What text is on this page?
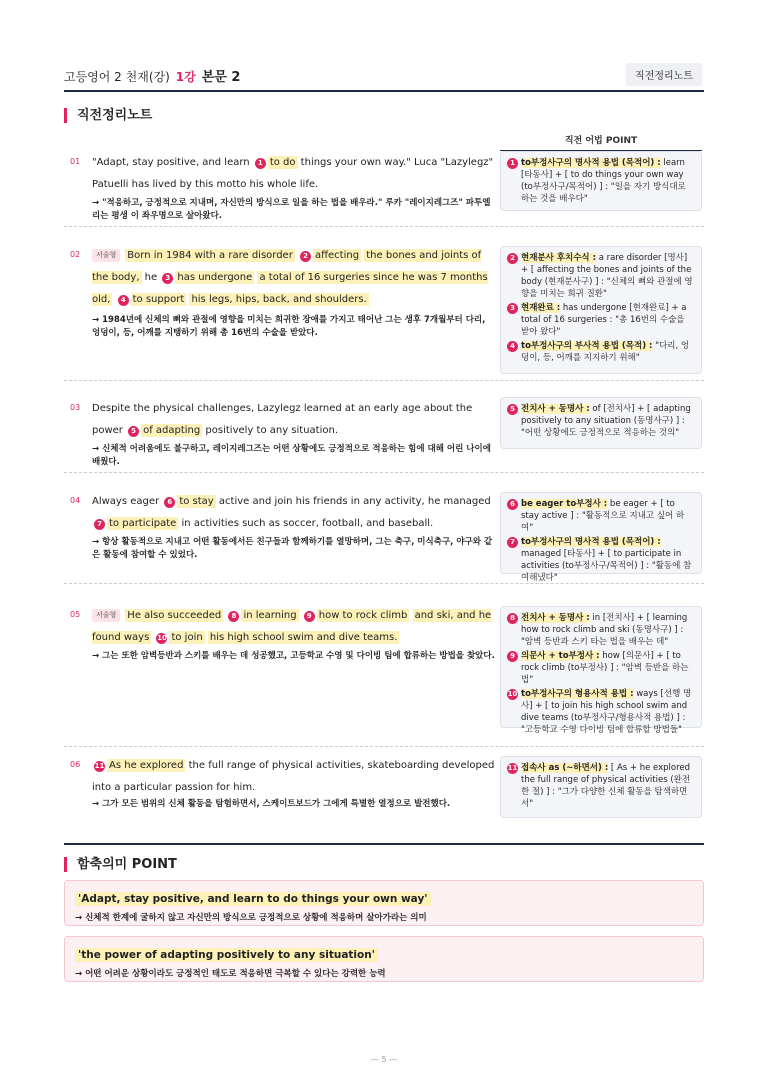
고등영어 2 천재(강) 1강 본문 2	직전정리노트
직전정리노트
직전 어법 POINT
01 "Adapt, stay positive, and learn 1 to do things your own way." Luca "Lazylegz" Patuelli has lived by this motto his whole life.
→ "적응하고, 긍정적으로 지내며, 자신만의 방식으로 일을 하는 법을 배우라." 루카 "레이지레그즈" 파투엘리는 평생 이 좌우명으로 살아왔다.
1 to부정사구의 명사적 용법 (목적어) : learn [타동사] + [ to do things your own way (to부정사구/목적어) ] : "일을 자기 방식대로 하는 것을 배우다"
02	서술형 Born in 1984 with a rare disorder 2 affecting the bones and joints of the body, he 3 has undergone a total of 16 surgeries since he was 7 months old, 4 to support his legs, hips, back, and shoulders.
→ 1984년에 신체의 뼈와 관절에 영향을 미치는 희귀한 장애를 가지고 태어난 그는 생후 7개월부터 다리, 엉덩이, 등, 어깨를 지탱하기 위해 총 16번의 수술을 받았다.
2 현재분사 후치수식 : a rare disorder [명사] + [ affecting the bones and joints of the body (현재분사구) ] : "신체의 뼈와 관절에 영향을 미치는 희귀 질환"
3 현재완료 : has undergone [현재완료] + a total of 16 surgeries : "총 16번의 수술을 받아 왔다"
4 to부정사구의 부사적 용법 (목적) : "다리, 엉덩이, 등, 어깨를 지지하기 위해"
03 Despite the physical challenges, Lazylegz learned at an early age about the power 5 of adapting positively to any situation.
→ 신체적 어려움에도 불구하고, 레이지레그즈는 어떤 상황에도 긍정적으로 적응하는 힘에 대해 어린 나이에 배웠다.
5 전치사 + 동명사 : of [전치사] + [ adapting positively to any situation (동명사구) ] : "어떤 상황에도 긍정적으로 적응하는 것의"
04 Always eager 6 to stay active and join his friends in any activity, he managed 7 to participate in activities such as soccer, football, and baseball.
→ 항상 활동적으로 지내고 어떤 활동에서든 친구들과 함께하기를 열망하며, 그는 축구, 미식축구, 야구와 같은 활동에 참여할 수 있었다.
6 be eager to부정사 : be eager + [ to stay active ] : "활동적으로 지내고 싶어 하여"
7 to부정사구의 명사적 용법 (목적어) : managed [타동사] + [ to participate in activities (to부정사구/목적어) ] : "활동에 참여해냈다"
05	서술형 He also succeeded 8 in learning 9 how to rock climb and ski, and he found ways 10 to join his high school swim and dive teams.
→ 그는 또한 암벽등반과 스키를 배우는 데 성공했고, 고등학교 수영 및 다이빙 팀에 합류하는 방법을 찾았다.
8 전치사 + 동명사 : in [전치사] + [ learning how to rock climb and ski (동명사구) ] : "암벽 등반과 스키 타는 법을 배우는 데"
9 의문사 + to부정사 : how [의문사] + [ to rock climb (to부정사) ] : "암벽 등반을 하는 법"
10 to부정사구의 형용사적 용법 : ways [선행 명사] + [ to join his high school swim and dive teams (to부정사구/형용사적 용법) ] : "고등학교 수영 다이빙 팀에 합류할 방법들"
06	11 As he explored the full range of physical activities, skateboarding developed into a particular passion for him.
→ 그가 모든 범위의 신체 활동을 탐험하면서, 스케이트보드가 그에게 특별한 열정으로 발전했다.
11 접속사 as (~하면서) : [ As + he explored the full range of physical activities (완전한 절) ] : "그가 다양한 신체 활동을 탐색하면서"
함축의미 POINT
'Adapt, stay positive, and learn to do things your own way'
→ 신체적 한계에 굴하지 않고 자신만의 방식으로 긍정적으로 상황에 적응하며 살아가라는 의미
'the power of adapting positively to any situation'
→ 어떤 어려운 상황이라도 긍정적인 태도로 적응하면 극복할 수 있다는 강력한 능력
— 5 —
